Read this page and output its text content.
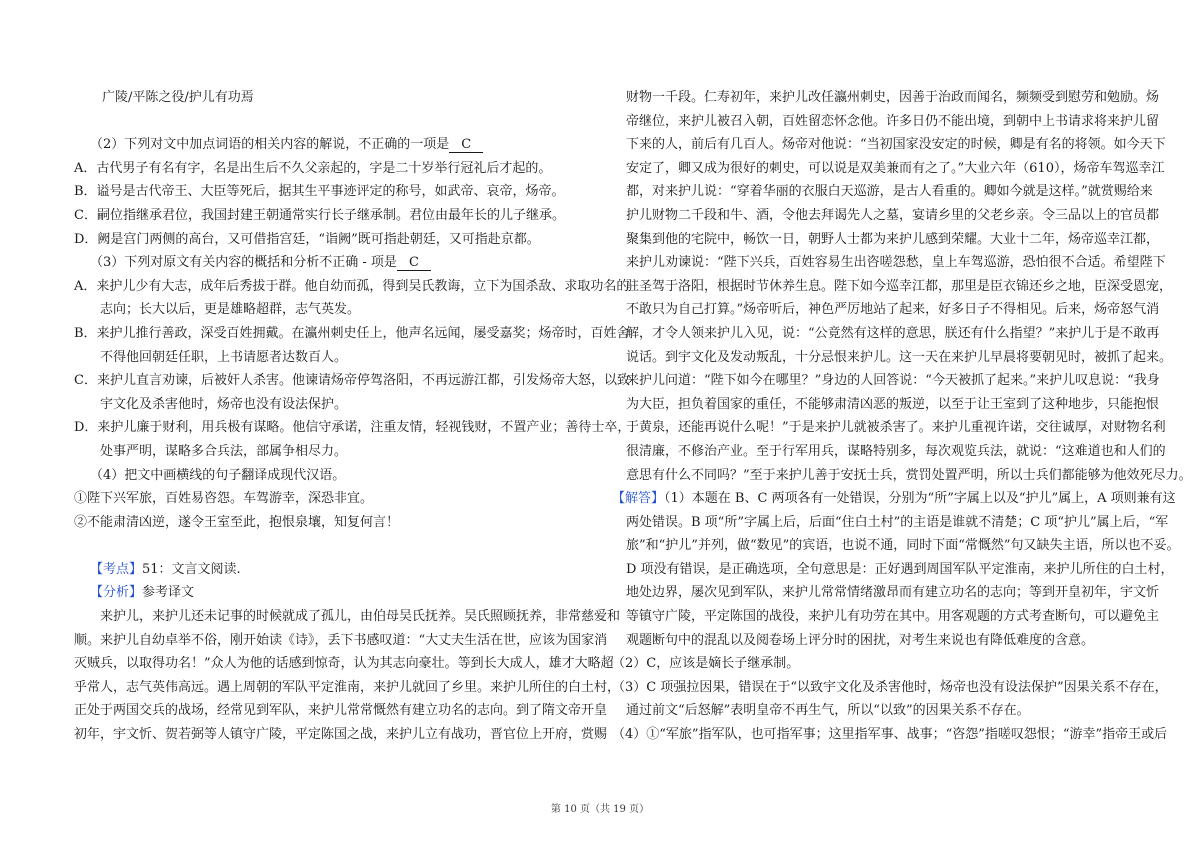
广陵/平陈之役/护儿有功焉
（2）下列对文中加点词语的相关内容的解说，不正确的一项是 C
A．古代男子有名有字，名是出生后不久父亲起的，字是二十岁举行冠礼后才起的。
B．谥号是古代帝王、大臣等死后，据其生平事迹评定的称号，如武帝、哀帝，炀帝。
C．嗣位指继承君位，我国封建王朝通常实行长子继承制。君位由最年长的儿子继承。
D．阙是宫门两侧的高台，又可借指宫廷，“诣阙”既可指赴朝廷，又可指赴京都。
（3）下列对原文有关内容的概括和分析不正确 - 项是 C
A．来护儿少有大志，成年后秀拔于群。他自幼而孤，得到吴氏教诲，立下为国杀敌、求取功名的
志向；长大以后，更是雄略超群，志气英发。
B．来护儿推行善政，深受百姓拥戴。在瀛州刺史任上，他声名远闻，屡受嘉奖；炀帝时，百姓舍
不得他回朝廷任职，上书请愿者达数百人。
C．来护儿直言劝谏，后被奸人杀害。他谏请炀帝停驾洛阳，不再远游江都，引发炀帝大怒，以致
宇文化及杀害他时，炀帝也没有设法保护。
D．来护儿廉于财利，用兵极有谋略。他信守承诺，注重友情，轻视钱财，不置产业；善待士卒，
处事严明，谋略多合兵法，部属争相尽力。
（4）把文中画横线的句子翻译成现代汉语。
①陛下兴军旅，百姓易咨怨。车驾游幸，深恐非宜。
②不能肃清凶逆，遂令王室至此，抱恨泉壤，知复何言！
【考点】51：文言文阅读.
【分析】参考译文
来护儿，来护儿还未记事的时候就成了孤儿，由伯母吴氏抚养。吴氏照顾抚养，非常慈爱和
顺。来护儿自幼卓举不俗，刚开始读《诗》，丢下书感叹道：“大丈夫生活在世，应该为国家消
灭贼兵，以取得功名！”众人为他的话感到惊奇，认为其志向豪壮。等到长大成人，雄才大略超
乎常人，志气英伟高远。遇上周朝的军队平定淮南，来护儿就回了乡里。来护儿所住的白土村，
正处于两国交兵的战场，经常见到军队，来护儿常常慨然有建立功名的志向。到了隋文帝开皇
初年，宇文忻、贺若弼等人镇守广陵，平定陈国之战，来护儿立有战功，晋官位上开府，赏赐
财物一千段。仁寿初年，来护儿改任瀛州刺史，因善于治政而闻名，频频受到慰劳和勉励。炀
帝继位，来护儿被召入朝，百姓留恋怀念他。许多日仍不能出境，到朝中上书请求将来护儿留
下来的人，前后有几百人。炀帝对他说：“当初国家没安定的时候，卿是有名的将领。如今天下
安定了，卿又成为很好的刺史，可以说是双美兼而有之了。”大业六年（610），炀帝车驾巡幸江
都，对来护儿说：“穿着华丽的衣服白天巡游，是古人看重的。卿如今就是这样。”就赏赐给来
护儿财物二千段和牛、酒，令他去拜谒先人之墓，宴请乡里的父老乡亲。令三品以上的官员都
聚集到他的宅院中，畅饮一日，朝野人士都为来护儿感到荣耀。大业十二年，炀帝巡幸江都，
来护儿劝谏说：“陛下兴兵，百姓容易生出咨嗟怨愁，皇上车驾巡游，恐怕很不合适。希望陛下
驻圣驾于洛阳，根据时节休养生息。陛下如今巡幸江都，那里是臣衣锦还乡之地，臣深受恩宠，
不敢只为自己打算。”炀帝听后，神色严厉地站了起来，好多日子不得相见。后来，炀帝怒气消
解，才令人领来护儿入见，说：“公竟然有这样的意思，朕还有什么指望？”来护儿于是不敢再
说话。到宇文化及发动叛乱，十分忌恨来护儿。这一天在来护儿早晨将要朝见时，被抓了起来。
来护儿问道：“陛下如今在哪里？”身边的人回答说：“今天被抓了起来。”来护儿叹息说：“我身
为大臣，担负着国家的重任，不能够肃清凶恶的叛逆，以至于让王室到了这种地步，只能抱恨
于黄泉，还能再说什么呢！”于是来护儿就被杀害了。来护儿重视许诺，交往诚厚，对财物名利
很清廉，不修治产业。至于行军用兵，谋略特别多，每次观览兵法，就说：“这难道也和人们的
意思有什么不同吗？”至于来护儿善于安抚士兵，赏罚处置严明，所以士兵们都能够为他效死尽力。
【解答】（1）本题在 B、C 两项各有一处错误，分别为“所”字属上以及“护儿”属上，A 项则兼有这
两处错误。B 项“所”字属上后，后面“住白土村”的主语是谁就不清楚；C 项“护儿”属上后，“军
旅”和“护儿”并列，做“数见”的宾语，也说不通，同时下面“常慨然”句又缺失主语，所以也不妥。
D 项没有错误，是正确选项，全句意思是：正好遇到周国军队平定淮南，来护儿所住的白土村，
地处边界，屡次见到军队，来护儿常常情绪激昂而有建立功名的志向；等到开皇初年，宇文忻
等镇守广陵，平定陈国的战役，来护儿有功劳在其中。用客观题的方式考查断句，可以避免主
观题断句中的混乱以及阅卷场上评分时的困扰，对考生来说也有降低难度的含意。
（2）C，应该是嫡长子继承制。
（3）C 项强拉因果，错误在于“以致宇文化及杀害他时，炀帝也没有设法保护”因果关系不存在，
通过前文“后怒解”表明皇帝不再生气，所以“以致”的因果关系不存在。
（4）①“军旅”指军队，也可指军事；这里指军事、战事；“咨怨”指嗟叹怨恨；“游幸”指帝王或后
第 10 页（共 19 页）
